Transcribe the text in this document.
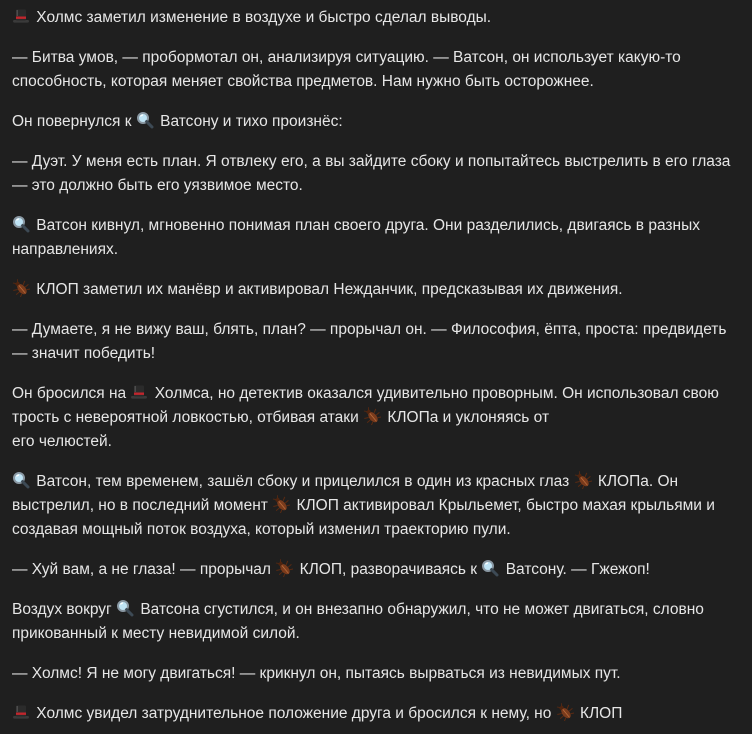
Холмс заметил изменение в воздухе и быстро сделал выводы.

— Битва умов, — пробормотал он, анализируя ситуацию. — Ватсон, он использует какую-то способность, которая меняет свойства предметов. Нам нужно быть осторожнее.

Он повернулся к
Ватсону и тихо произнёс:

— Дуэт. У меня есть план. Я отвлеку его, а вы зайдите сбоку и попытайтесь выстрелить в его глаза — это должно быть его уязвимое место.

Ватсон кивнул, мгновенно понимая план своего друга. Они разделились, двигаясь в разных направлениях.

КЛОП заметил их манёвр и активировал Нежданчик, предсказывая их движения.

— Думаете, я не вижу ваш, блять, план? — прорычал он. — Философия, ёпта, проста: предвидеть — значит победить!

Он бросился на
Холмса, но детектив оказался удивительно проворным. Он использовал свою трость с невероятной ловкостью, отбивая атаки
КЛОПа и уклоняясь от
его челюстей.

Ватсон, тем временем, зашёл сбоку и прицелился в один из красных глаз
КЛОПа. Он выстрелил, но в последний момент
КЛОП активировал Крыльемет, быстро махая крыльями и создавая мощный поток воздуха, который изменил траекторию пули.

— Хуй вам, а не глаза! — прорычал
КЛОП, разворачиваясь к
Ватсону. — Гжежоп!

Воздух вокруг
Ватсона сгустился, и он внезапно обнаружил, что не может двигаться, словно прикованный к месту невидимой силой.

— Холмс! Я не могу двигаться! — крикнул он, пытаясь вырваться из невидимых пут.

Холмс увидел затруднительное положение друга и бросился к нему, но
КЛОП
